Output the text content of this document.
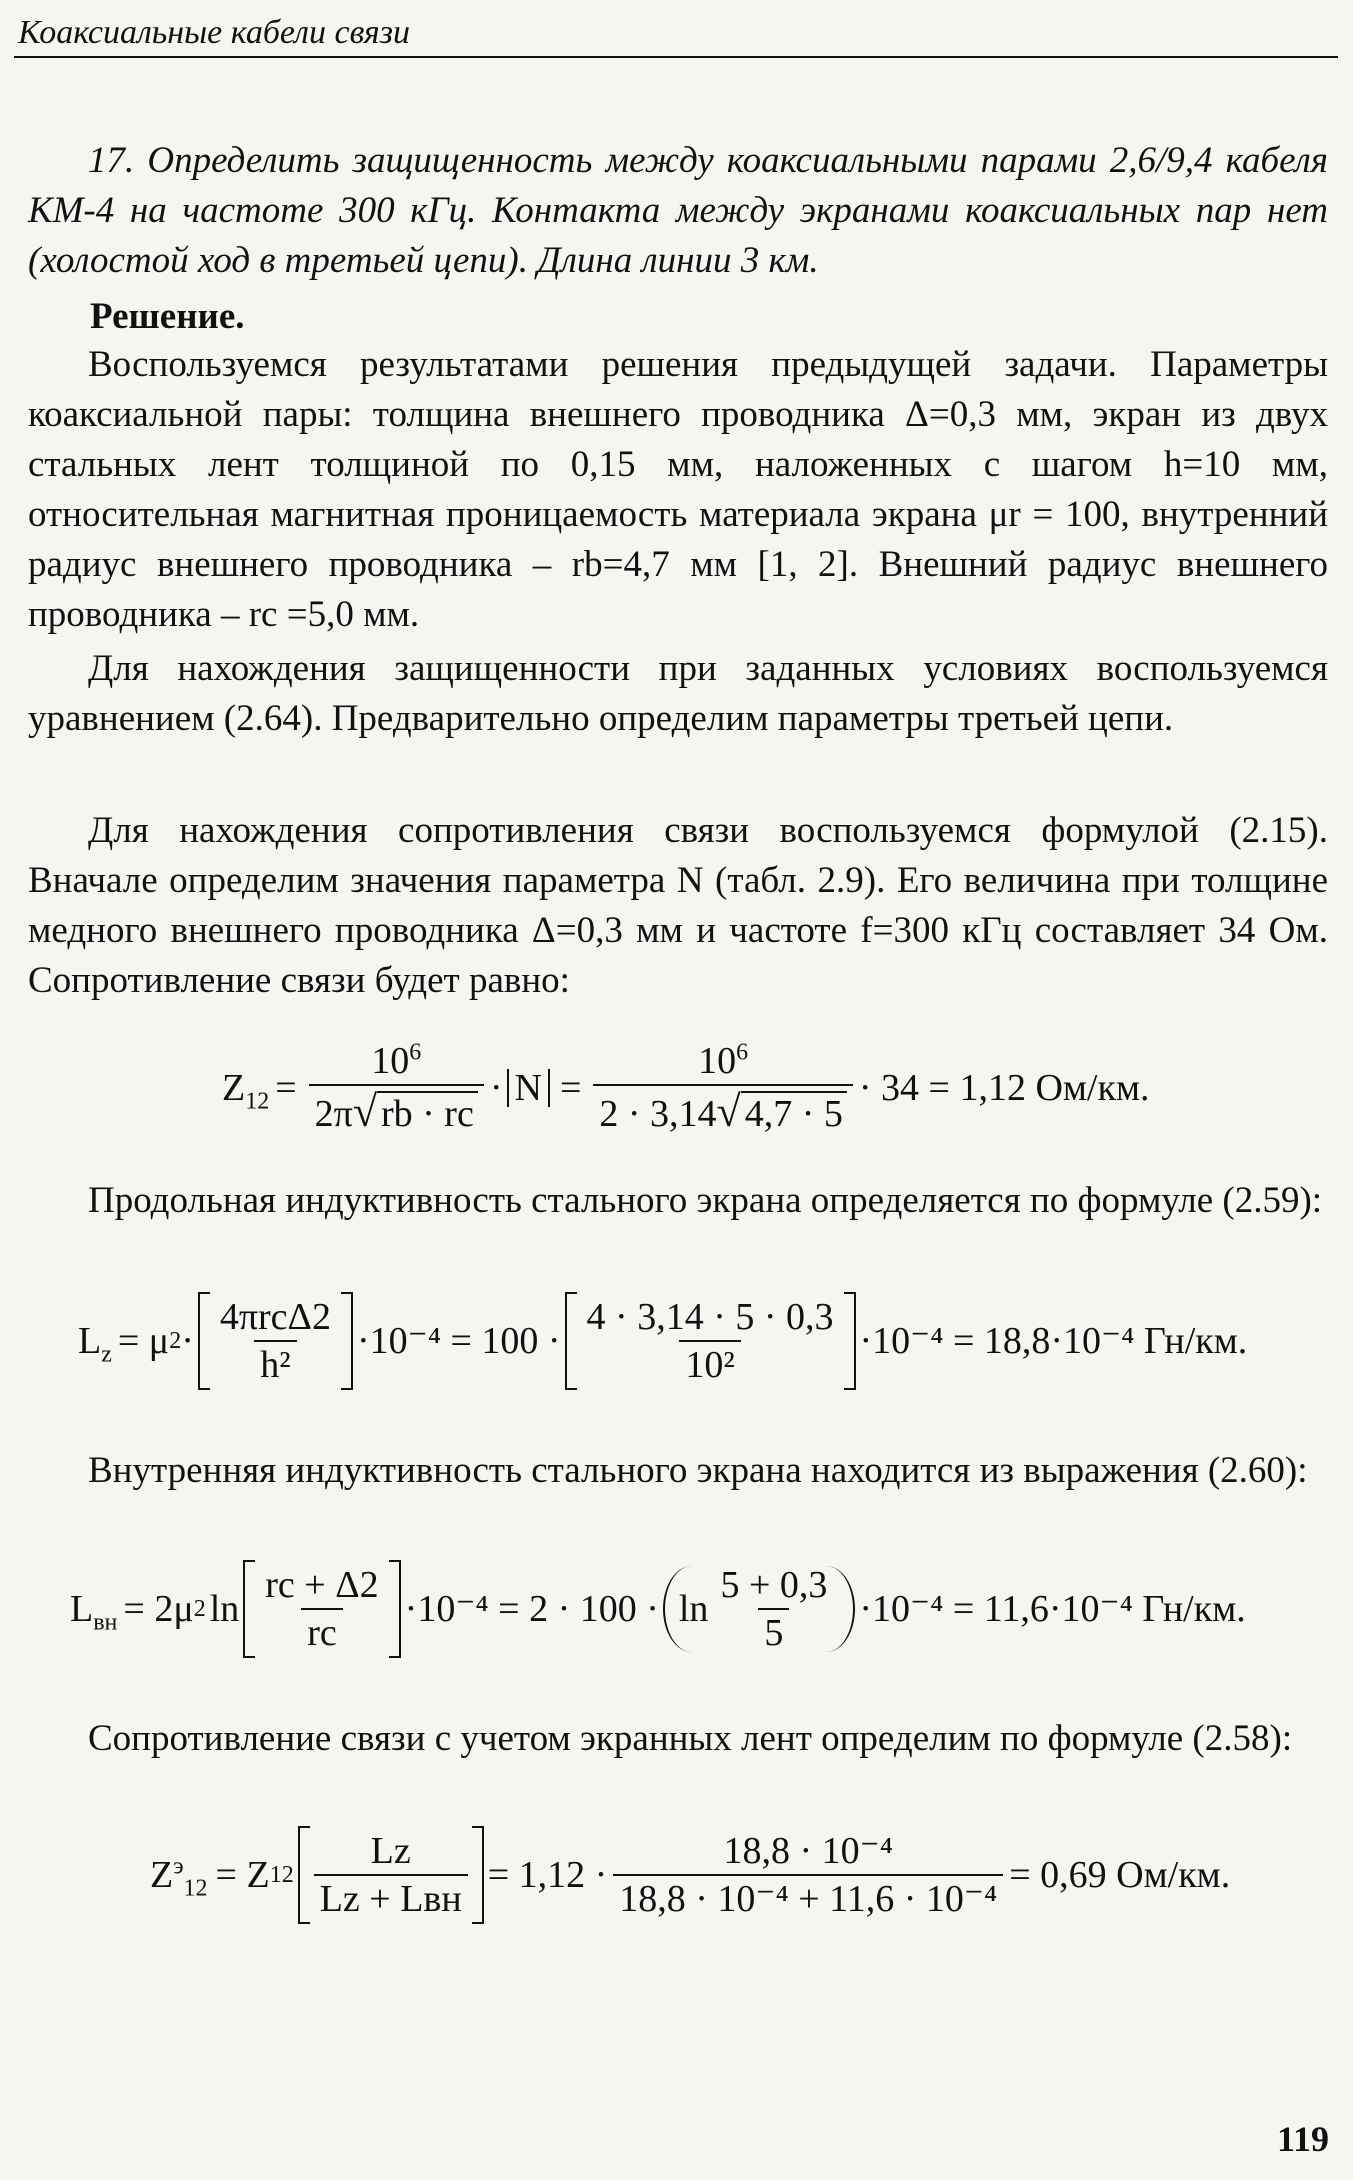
Коаксиальные кабели связи

17. Определить защищенность между коаксиальными парами 2,6/9,4 кабеля КМ-4 на частоте 300 кГц. Контакта между экранами коаксиальных пар нет (холостой ход в третьей цепи). Длина линии 3 км.

Решение.

Воспользуемся результатами решения предыдущей задачи. Параметры коаксиальной пары: толщина внешнего проводника Δ=0,3 мм, экран из двух стальных лент толщиной по 0,15 мм, наложенных с шагом h=10 мм, относительная магнитная проницаемость материала экрана μr = 100, внутренний радиус внешнего проводника – rb=4,7 мм [1, 2]. Внешний радиус внешнего проводника – rc =5,0 мм.

Для нахождения защищенности при заданных условиях воспользуемся уравнением (2.64). Предварительно определим параметры третьей цепи.

Для нахождения сопротивления связи воспользуемся формулой (2.15). Вначале определим значения параметра N (табл. 2.9). Его величина при толщине медного внешнего проводника Δ=0,3 мм и частоте f=300 кГц составляет 34 Ом. Сопротивление связи будет равно:

$Z_{12} = \frac{10^6}{2\pi√ rb \cdot rc} \cdot N = \frac{10^6}{2 \cdot 3,14√ 4,7 \cdot 5} \cdot 34 = 1,12$ Ом/км.

Продольная индуктивность стального экрана определяется по формуле (2.59):

$L_z = \mu$ $2 \cdot \frac{\text{4πrcΔ2}}{\text{h²}} \cdot 10^{-4} = 100 \cdot \frac{4 \cdot 3,14 \cdot 5 \cdot 0,3}{\text{10²}} \cdot 10^{-4} = 18,8\cdot 10^{-4}$ Гн/км.

Внутренняя индуктивность стального экрана находится из выражения (2.60):

$L_{вн} = 2\mu$ 2 $\ln \frac{rc + \Delta 2}{rc} \cdot 10^{-4} = 2 \cdot 100 \cdot \ln \frac{5 + 0,3}{5} \cdot 10^{-4} = 11,6\cdot 10^{-4}$ Гн/км.

Сопротивление связи с учетом экранных лент определим по формуле (2.58):

$Z^э_{12} = Z$ $12 \frac{Lz}{\text{Lz + Lвн}} = 1,12 \cdot \frac{\text{18,8 · 10⁻⁴}}{\text{18,8 · 10⁻⁴ + 11,6 · 10⁻⁴}} = 0,69$ Ом/км.
119
